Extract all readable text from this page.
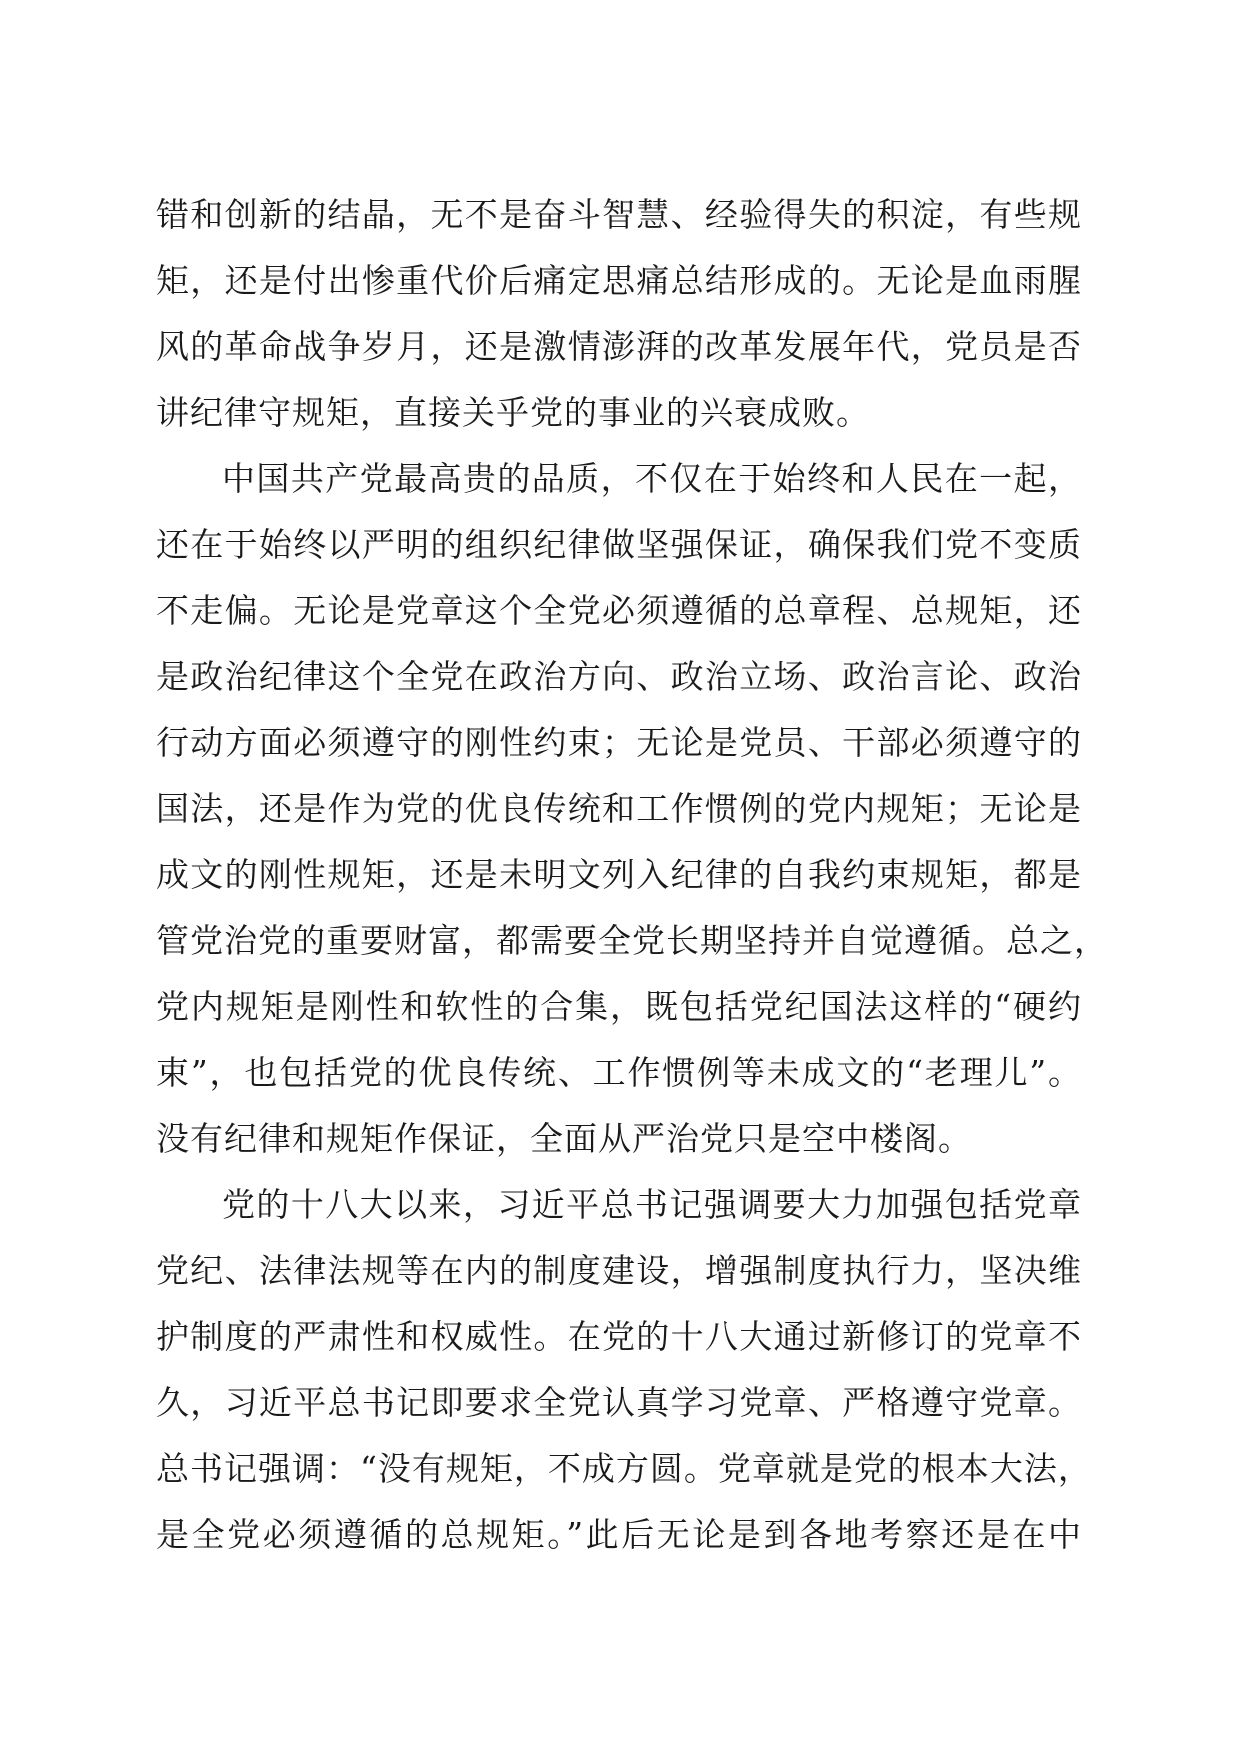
错和创新的结晶，无不是奋斗智慧、经验得失的积淀，有些规
矩，还是付出惨重代价后痛定思痛总结形成的。无论是血雨腥
风的革命战争岁月，还是激情澎湃的改革发展年代，党员是否
讲纪律守规矩，直接关乎党的事业的兴衰成败。
中国共产党最高贵的品质，不仅在于始终和人民在一起，
还在于始终以严明的组织纪律做坚强保证，确保我们党不变质
不走偏。无论是党章这个全党必须遵循的总章程、总规矩，还
是政治纪律这个全党在政治方向、政治立场、政治言论、政治
行动方面必须遵守的刚性约束；无论是党员、干部必须遵守的
国法，还是作为党的优良传统和工作惯例的党内规矩；无论是
成文的刚性规矩，还是未明文列入纪律的自我约束规矩，都是
管党治党的重要财富，都需要全党长期坚持并自觉遵循。总之，
党内规矩是刚性和软性的合集，既包括党纪国法这样的“硬约
束”，也包括党的优良传统、工作惯例等未成文的“老理儿”。
没有纪律和规矩作保证，全面从严治党只是空中楼阁。
党的十八大以来，习近平总书记强调要大力加强包括党章
党纪、法律法规等在内的制度建设，增强制度执行力，坚决维
护制度的严肃性和权威性。在党的十八大通过新修订的党章不
久，习近平总书记即要求全党认真学习党章、严格遵守党章。
总书记强调：“没有规矩，不成方圆。党章就是党的根本大法，
是全党必须遵循的总规矩。”此后无论是到各地考察还是在中
